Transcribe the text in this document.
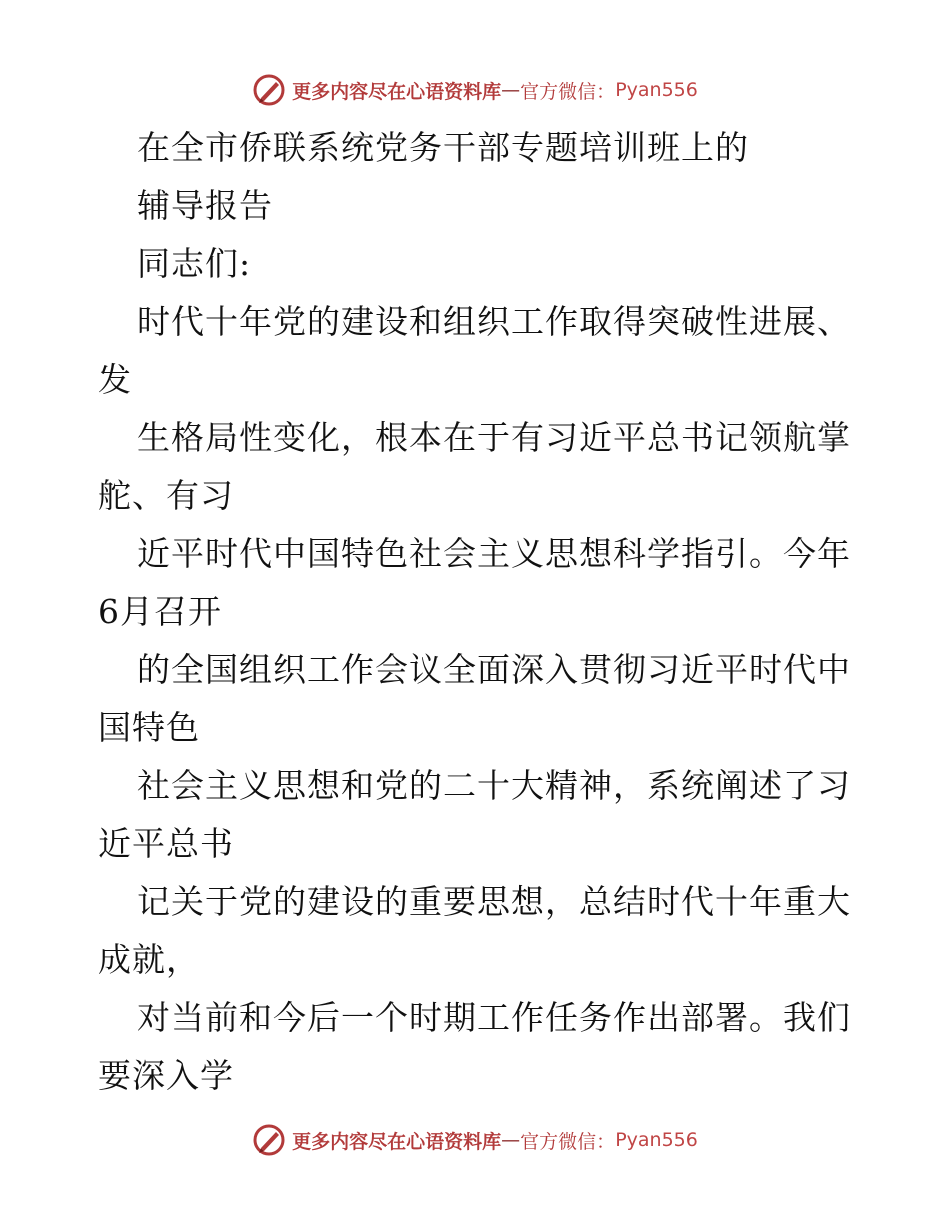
更多内容尽在心语资料库 — 官方微信： Pyan556
在全市侨联系统党务干部专题培训班上的
辅导报告
同志们:
时代十年党的建设和组织工作取得突破性进展、
发
生格局性变化，根本在于有习近平总书记领航掌
舵、有习
近平时代中国特色社会主义思想科学指引。今年
6月召开
的全国组织工作会议全面深入贯彻习近平时代中
国特色
社会主义思想和党的二十大精神，系统阐述了习
近平总书
记关于党的建设的重要思想，总结时代十年重大
成就，
对当前和今后一个时期工作任务作出部署。我们
要深入学
更多内容尽在心语资料库 — 官方微信： Pyan556
